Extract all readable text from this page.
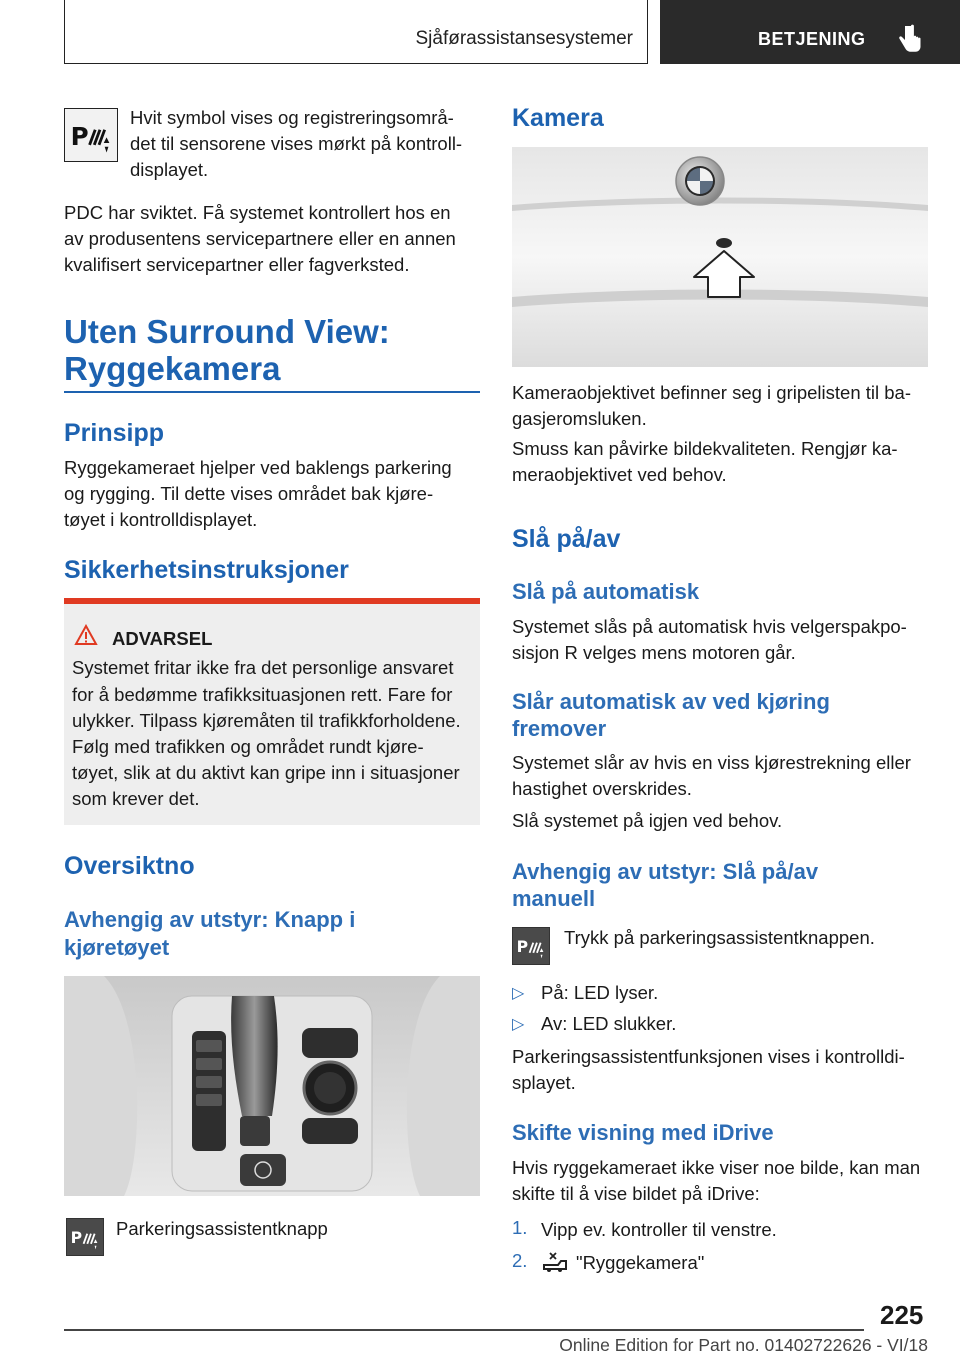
Sjåførassistansesystemer	BETJENING
P
Hvit symbol vises og registreringsområ-
det til sensorene vises mørkt på kontroll-
displayet.
PDC har sviktet. Få systemet kontrollert hos en
av produsentens servicepartnere eller en annen
kvalifisert servicepartner eller fagverksted.
Uten Surround View:
Ryggekamera
Prinsipp
Ryggekameraet hjelper ved baklengs parkering
og rygging. Til dette vises området bak kjøre-
tøyet i kontrolldisplayet.
Sikkerhetsinstruksjoner
ADVARSEL
Systemet fritar ikke fra det personlige ansvaret
for å bedømme trafikksituasjonen rett. Fare for
ulykker. Tilpass kjøremåten til trafikkforholdene.
Følg med trafikken og området rundt kjøre-
tøyet, slik at du aktivt kan gripe inn i situasjoner
som krever det.
Oversiktno
Avhengig av utstyr: Knapp i
kjøretøyet
P Parkeringsassistentknapp
Kamera
Kameraobjektivet befinner seg i gripelisten til ba-
gasjeromsluken.
Smuss kan påvirke bildekvaliteten. Rengjør ka-
meraobjektivet ved behov.
Slå på/av
Slå på automatisk
Systemet slås på automatisk hvis velgerspakpo-
sisjon R velges mens motoren går.
Slår automatisk av ved kjøring
fremover
Systemet slår av hvis en viss kjørestrekning eller
hastighet overskrides.
Slå systemet på igjen ved behov.
Avhengig av utstyr: Slå på/av
manuell
P Trykk på parkeringsassistentknappen.
▷ På: LED lyser.
▷ Av: LED slukker.
Parkeringsassistentfunksjonen vises i kontrolldi-
splayet.
Skifte visning med iDrive
Hvis ryggekameraet ikke viser noe bilde, kan man
skifte til å vise bildet på iDrive:
1. Vipp ev. kontroller til venstre.
2.	"Ryggekamera"
225
Online Edition for Part no. 01402722626 - VI/18
